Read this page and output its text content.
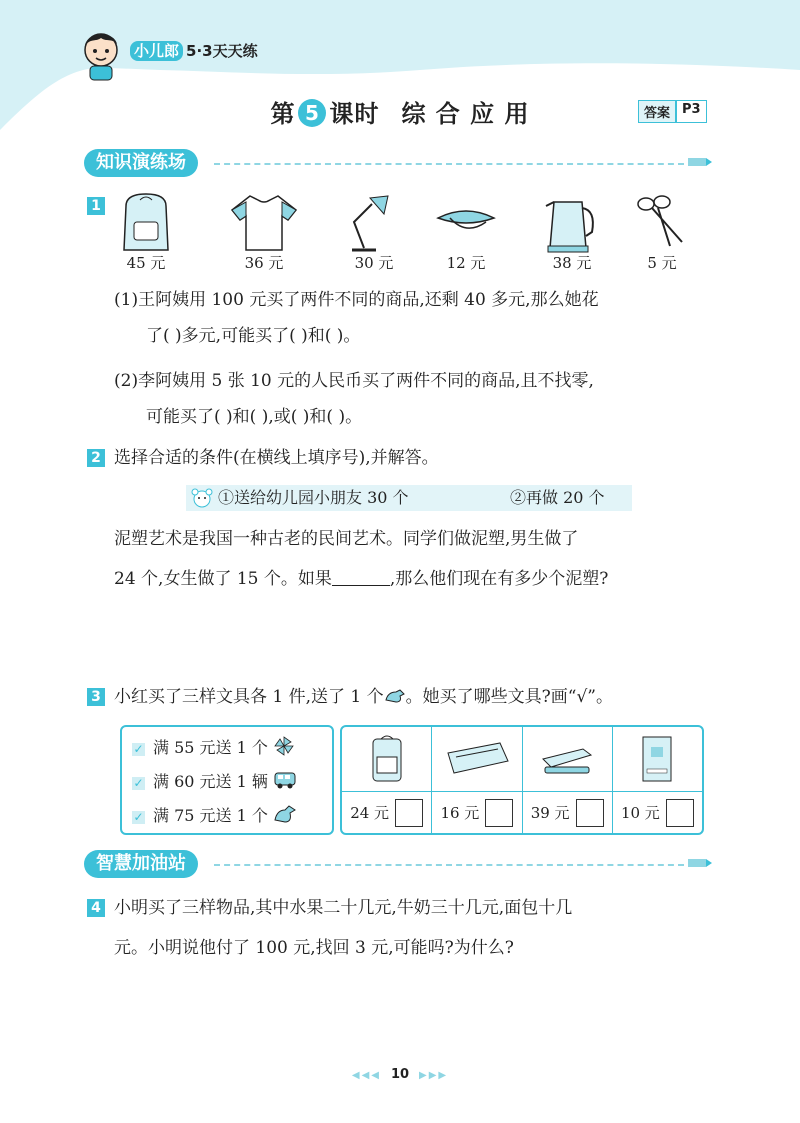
小儿郎 5·3天天练
第 5 课时 综 合 应 用	答案 P3
知识演练场
1
45 元	36 元	30 元	12 元	38 元	5 元
(1)王阿姨用 100 元买了两件不同的商品,还剩 40 多元,那么她花
了( )多元,可能买了( )和( )。
(2)李阿姨用 5 张 10 元的人民币买了两件不同的商品,且不找零,
可能买了( )和( ),或( )和( )。
2 选择合适的条件(在横线上填序号),并解答。
①送给幼儿园小朋友 30 个	②再做 20 个
泥塑艺术是我国一种古老的民间艺术。同学们做泥塑,男生做了
24 个,女生做了 15 个。如果	,那么他们现在有多少个泥塑?
3 小红买了三样文具各 1 件,送了 1 个 。她买了哪些文具?画“√”。
✓ 满 55 元送 1 个
✓ 满 60 元送 1 辆
✓ 满 75 元送 1 个	24 元	16 元	39 元	10 元
智慧加油站
4 小明买了三样物品,其中水果二十几元,牛奶三十几元,面包十几
元。小明说他付了 100 元,找回 3 元,可能吗?为什么?
◀◀◀ 10 ▶▶▶
